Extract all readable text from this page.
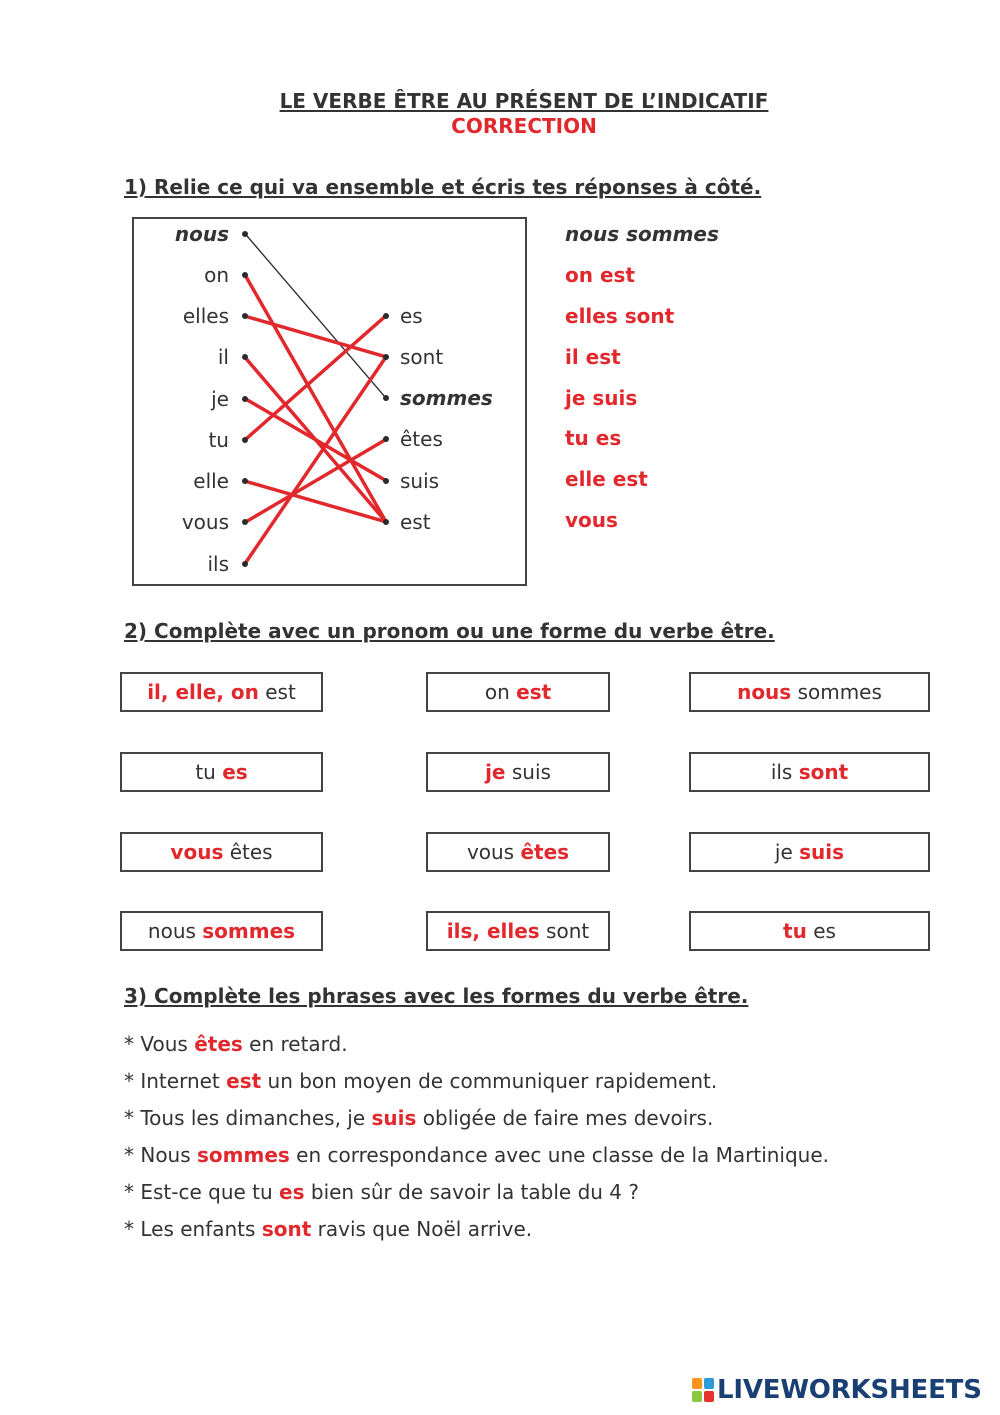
LE VERBE ÊTRE AU PRÉSENT DE L’INDICATIF
CORRECTION
1) Relie ce qui va ensemble et écris tes réponses à côté.
nous
on
elles
il
je
tu
elle
vous
ils
es
sont
sommes
êtes
suis
est
nous sommes
on est
elles sont
il est
je suis
tu es
elle est
vous
2) Complète avec un pronom ou une forme du verbe être.
il, elle, on est	on est	nous sommes
tu es	je suis	ils sont
vous êtes	vous êtes	je suis
nous sommes	ils, elles sont	tu es
3) Complète les phrases avec les formes du verbe être.
* Vous êtes en retard.
* Internet est un bon moyen de communiquer rapidement.
* Tous les dimanches, je suis obligée de faire mes devoirs.
* Nous sommes en correspondance avec une classe de la Martinique.
* Est-ce que tu es bien sûr de savoir la table du 4 ?
* Les enfants sont ravis que Noël arrive.
LIVEWORKSHEETS
